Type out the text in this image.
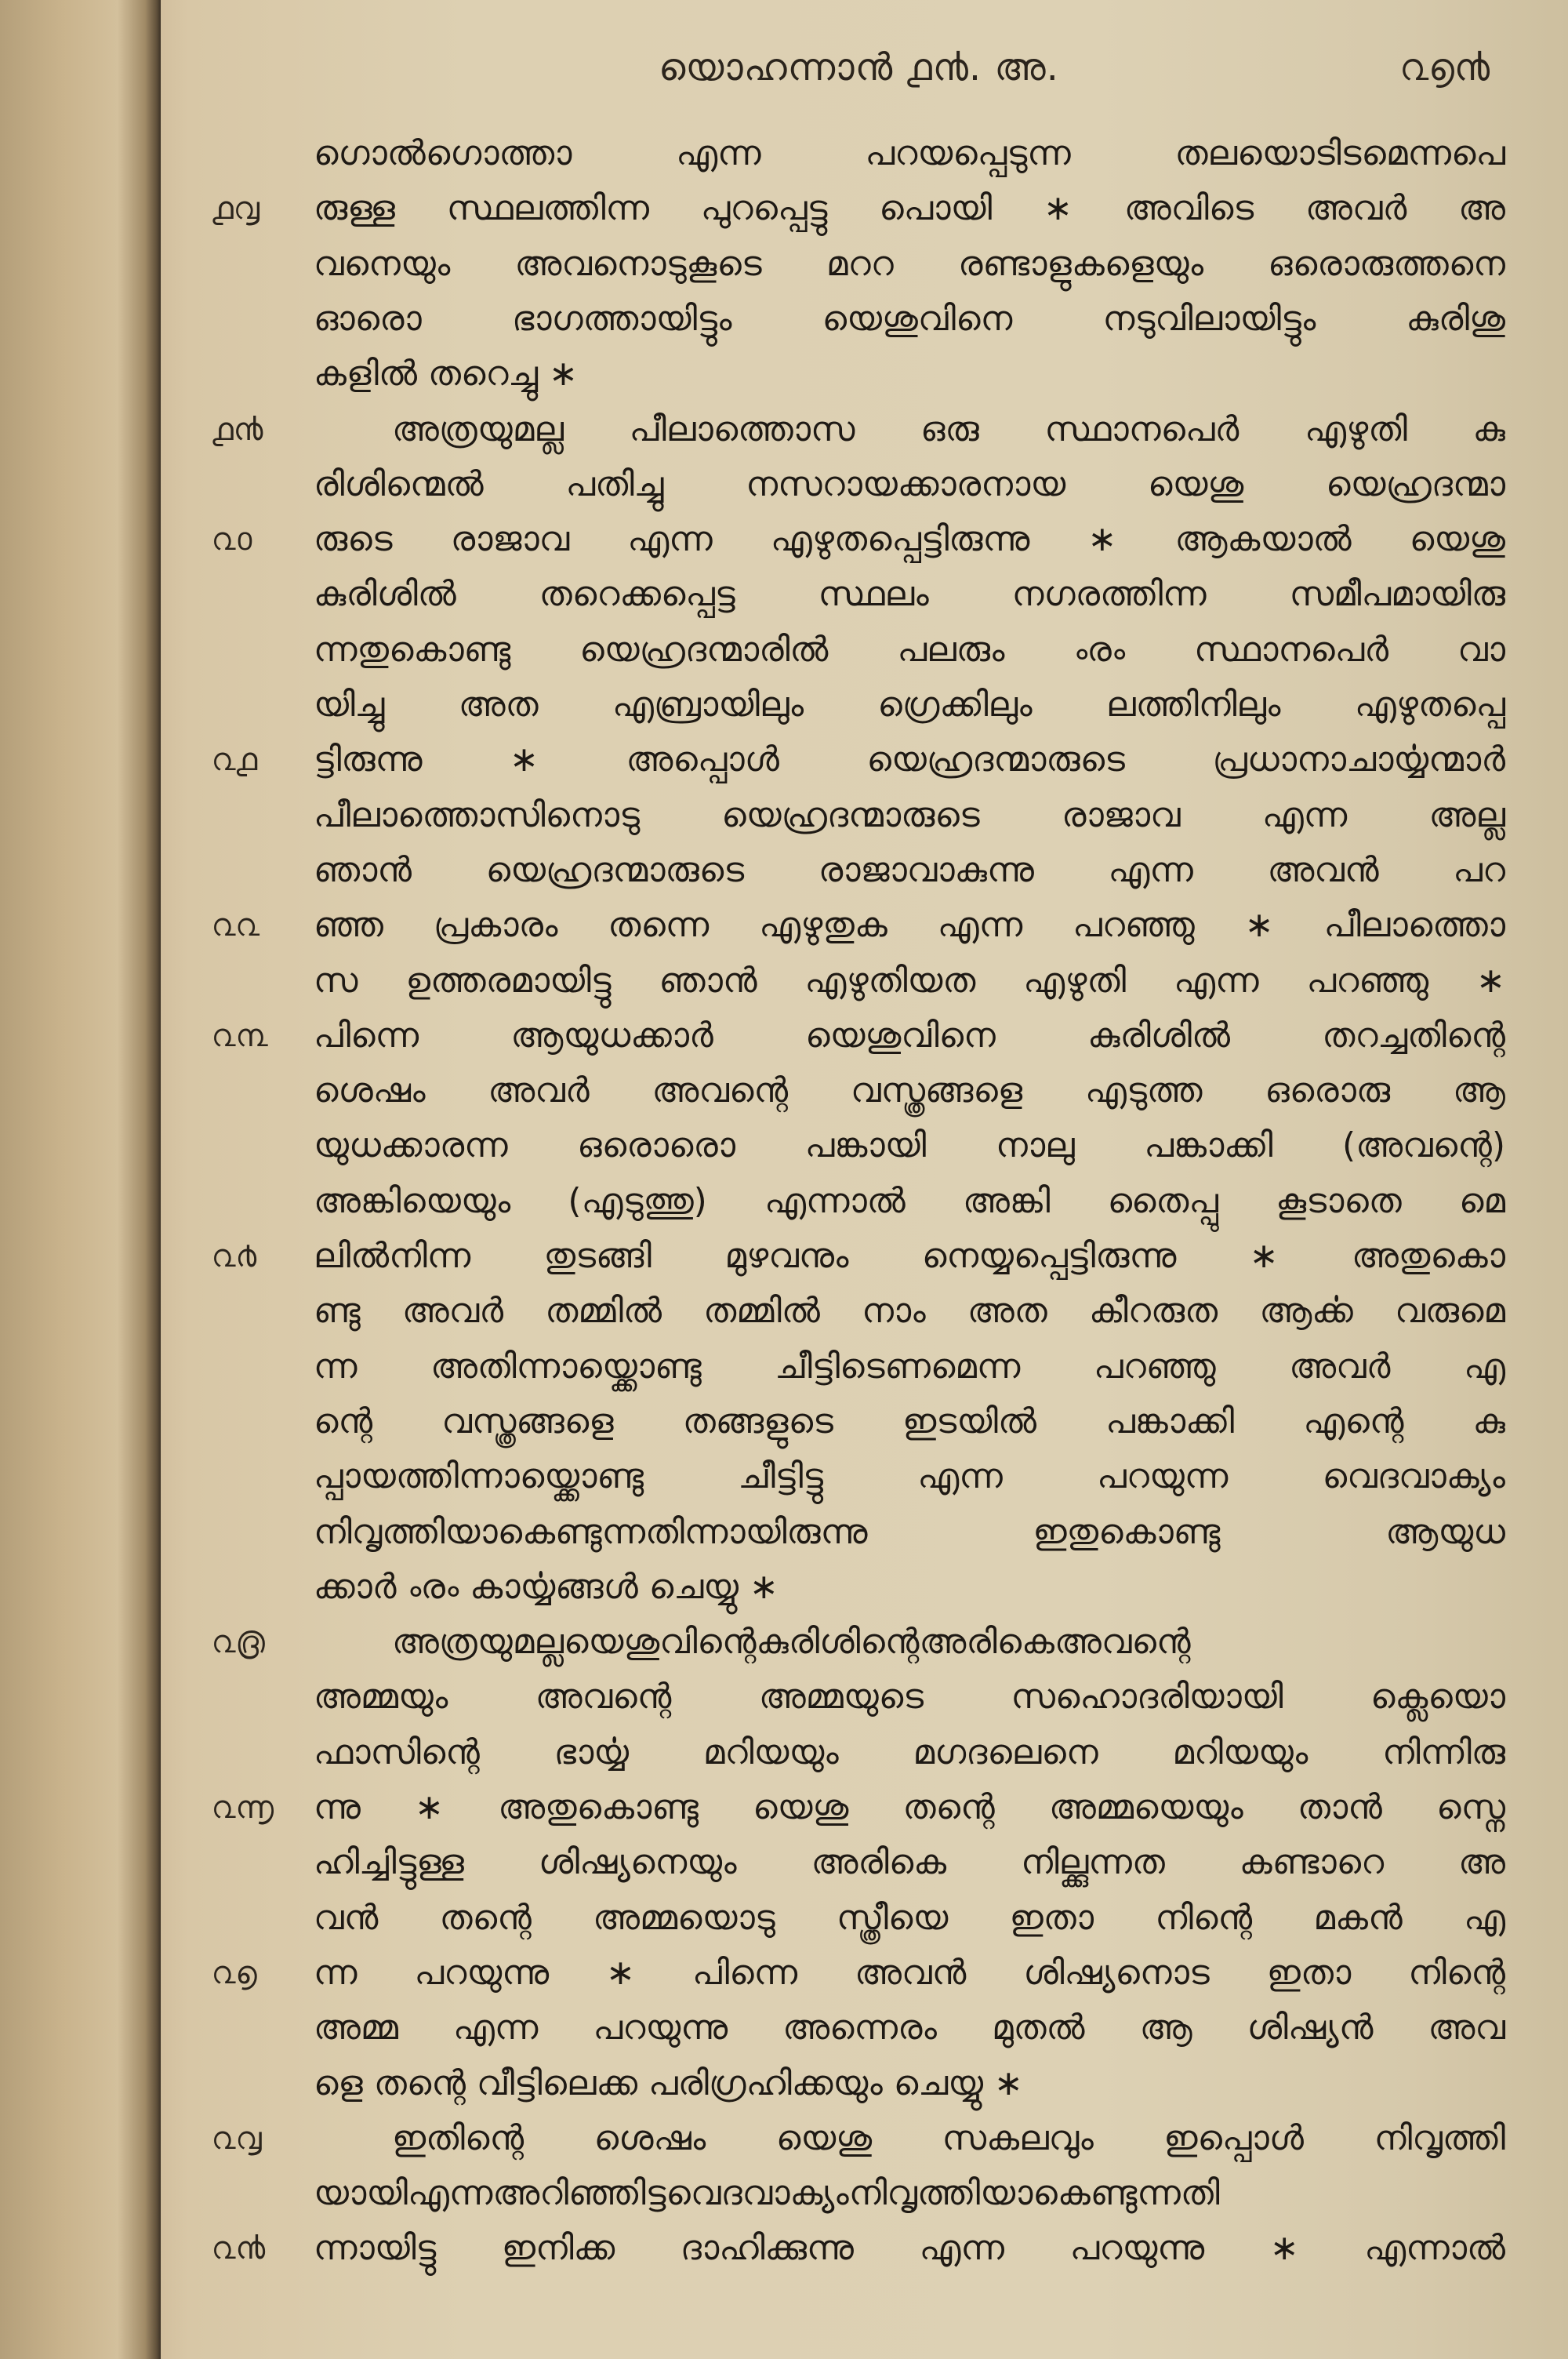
യൊഹന്നാൻ ൧൯. അ.	൨൭൯
ഗൊൽഗൊത്താ എന്ന പറയപ്പെടുന്ന തലയൊടിടമെന്നപെ
൧൮	രുള്ള സ്ഥലത്തിന്ന പുറപ്പെട്ടു പൊയി ∗ അവിടെ അവർ അ
വനെയും അവനൊടുകൂടെ മററ രണ്ടാളുകളെയും ഒരൊരുത്തനെ
ഓരൊ ഭാഗത്തായിട്ടും യെശുവിനെ നടുവിലായിട്ടും കുരിശു
കളിൽ തറെച്ചു ∗
൧൯	അത്രയുമല്ല പീലാത്തൊസ ഒരു സ്ഥാനപെർ എഴുതി കു
രിശിന്മെൽ പതിച്ചു നസറായക്കാരനായ യെശു യെഹ്രദന്മാ
൨൦	രുടെ രാജാവ എന്ന എഴുതപ്പെട്ടിരുന്നു ∗ ആകയാൽ യെശു
കുരിശിൽ തറെക്കപ്പെട്ട സ്ഥലം നഗരത്തിന്ന സമീപമായിരു
ന്നതുകൊണ്ടു യെഹ്രദന്മാരിൽ പലരും ൟ സ്ഥാനപെർ വാ
യിച്ചു അത എബ്രായിലും ഗ്രെക്കിലും ലത്തിനിലും എഴുതപ്പെ
൨൧	ട്ടിരുന്നു ∗ അപ്പൊൾ യെഹ്രദന്മാരുടെ പ്രധാനാചാൎയ്യന്മാർ
പീലാത്തൊസിനൊടു യെഹ്രദന്മാരുടെ രാജാവ എന്ന അല്ല
ഞാൻ യെഹ്രദന്മാരുടെ രാജാവാകുന്നു എന്ന അവൻ പറ
൨൨	ഞ്ഞ പ്രകാരം തന്നെ എഴുതുക എന്ന പറഞ്ഞു ∗ പീലാത്തൊ
സ ഉത്തരമായിട്ടു ഞാൻ എഴുതിയത എഴുതി എന്ന പറഞ്ഞു ∗
൨൩	പിന്നെ ആയുധക്കാർ യെശുവിനെ കുരിശിൽ തറച്ചതിന്റെ
ശെഷം അവർ അവന്റെ വസ്ത്രങ്ങളെ എടുത്ത ഒരൊരു ആ
യുധക്കാരന്ന ഒരൊരൊ പങ്കായി നാലു പങ്കാക്കി (അവന്റെ)
അങ്കിയെയും (എടുത്തു) എന്നാൽ അങ്കി തൈപ്പു കൂടാതെ മെ
൨൪	ലിൽനിന്ന തുടങ്ങി മുഴവനും നെയ്യപ്പെട്ടിരുന്നു ∗ അതുകൊ
ണ്ടു അവർ തമ്മിൽ തമ്മിൽ നാം അത കീറരുത ആൎക്ക വരുമെ
ന്ന അതിന്നായ്ക്കൊണ്ടു ചീട്ടിടെണമെന്ന പറഞ്ഞു അവർ എ
ന്റെ വസ്ത്രങ്ങളെ തങ്ങളുടെ ഇടയിൽ പങ്കാക്കി എന്റെ കു
പ്പായത്തിന്നായ്ക്കൊണ്ടു ചീട്ടിട്ടു എന്ന പറയുന്ന വെദവാക്യം
നിവൃത്തിയാകെണ്ടുന്നതിന്നായിരുന്നു ഇതുകൊണ്ടു ആയുധ
ക്കാർ ൟ കാൎയ്യങ്ങൾ ചെയ്യു ∗
൨൫	അത്രയുമല്ലയെശുവിന്റെകുരിശിന്റെഅരികെഅവന്റെ
അമ്മയും അവന്റെ അമ്മയുടെ സഹൊദരിയായി ക്ലെയൊ
ഫാസിന്റെ ഭാൎയ്യ മറിയയും മഗദലെനെ മറിയയും നിന്നിരു
൨൬	ന്നു ∗ അതുകൊണ്ടു യെശു തന്റെ അമ്മയെയും താൻ സ്നെ
ഹിച്ചിട്ടുള്ള ശിഷ്യനെയും അരികെ നില്ക്കുന്നത കണ്ടാറെ അ
വൻ തന്റെ അമ്മയൊടു സ്ത്രീയെ ഇതാ നിന്റെ മകൻ എ
൨൭	ന്ന പറയുന്നു ∗ പിന്നെ അവൻ ശിഷ്യനൊട ഇതാ നിന്റെ
അമ്മ എന്ന പറയുന്നു അന്നെരം മുതൽ ആ ശിഷ്യൻ അവ
ളെ തന്റെ വീട്ടിലെക്ക പരിഗ്രഹിക്കയും ചെയ്യു ∗
൨൮	ഇതിന്റെ ശെഷം യെശു സകലവും ഇപ്പൊൾ നിവൃത്തി
യായിഎന്നഅറിഞ്ഞിട്ടവെദവാക്യംനിവൃത്തിയാകെണ്ടുന്നതി
൨൯	ന്നായിട്ടു ഇനിക്ക ദാഹിക്കുന്നു എന്ന പറയുന്നു ∗ എന്നാൽ
